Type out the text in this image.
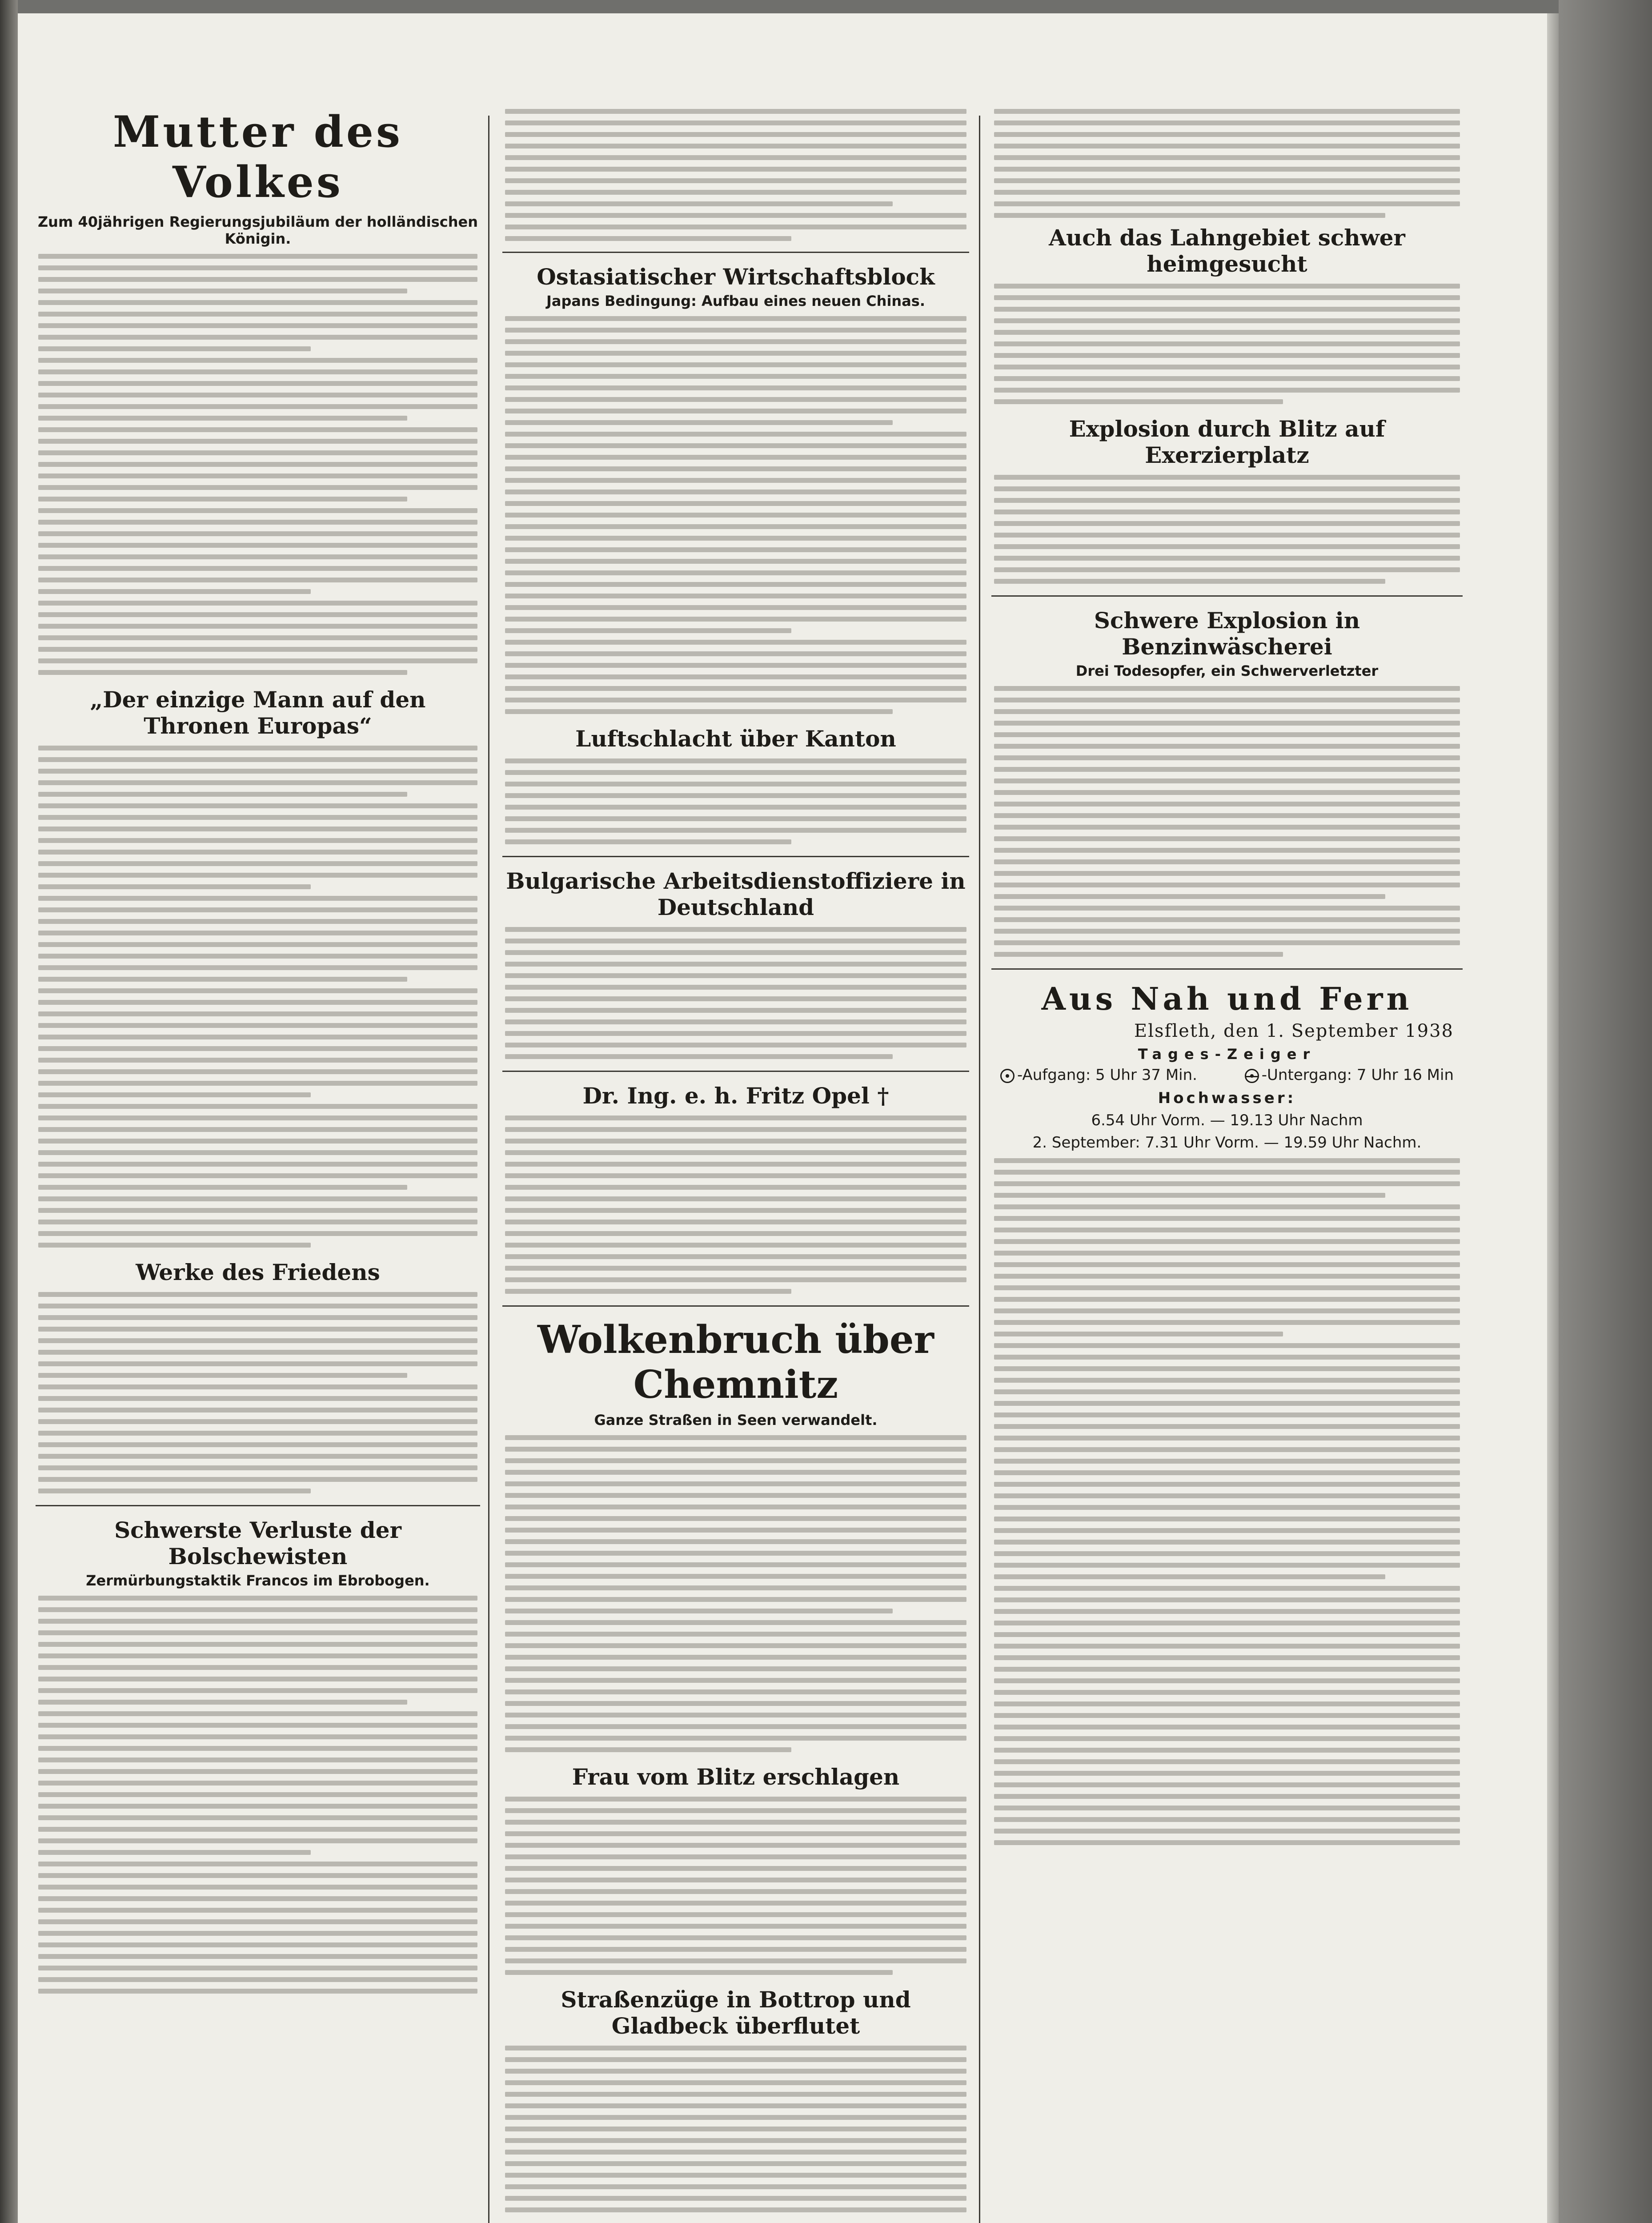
Mutter des Volkes
Zum 40jährigen Regierungsjubiläum der holländischen Königin.
„Der einzige Mann auf den Thronen Europas“
Werke des Friedens
Schwerste Verluste der Bolschewisten
Zermürbungstaktik Francos im Ebrobogen.
Ostasiatischer Wirtschaftsblock
Japans Bedingung: Aufbau eines neuen Chinas.
Luftschlacht über Kanton
Bulgarische Arbeitsdienstoffiziere in Deutschland
Dr. Ing. e. h. Fritz Opel †
Wolkenbruch über Chemnitz
Ganze Straßen in Seen verwandelt.
Frau vom Blitz erschlagen
Straßenzüge in Bottrop und Gladbeck überflutet
Auch das Lahngebiet schwer heimgesucht
Explosion durch Blitz auf Exerzierplatz
Schwere Explosion in Benzinwäscherei
Drei Todesopfer, ein Schwerverletzter
Aus Nah und Fern
Elsfleth, den 1. September 1938
Tages-Zeiger
-Aufgang: 5 Uhr 37 Min.	-Untergang: 7 Uhr 16 Min
Hochwasser:
6.54 Uhr Vorm. — 19.13 Uhr Nachm
2. September: 7.31 Uhr Vorm. — 19.59 Uhr Nachm.
